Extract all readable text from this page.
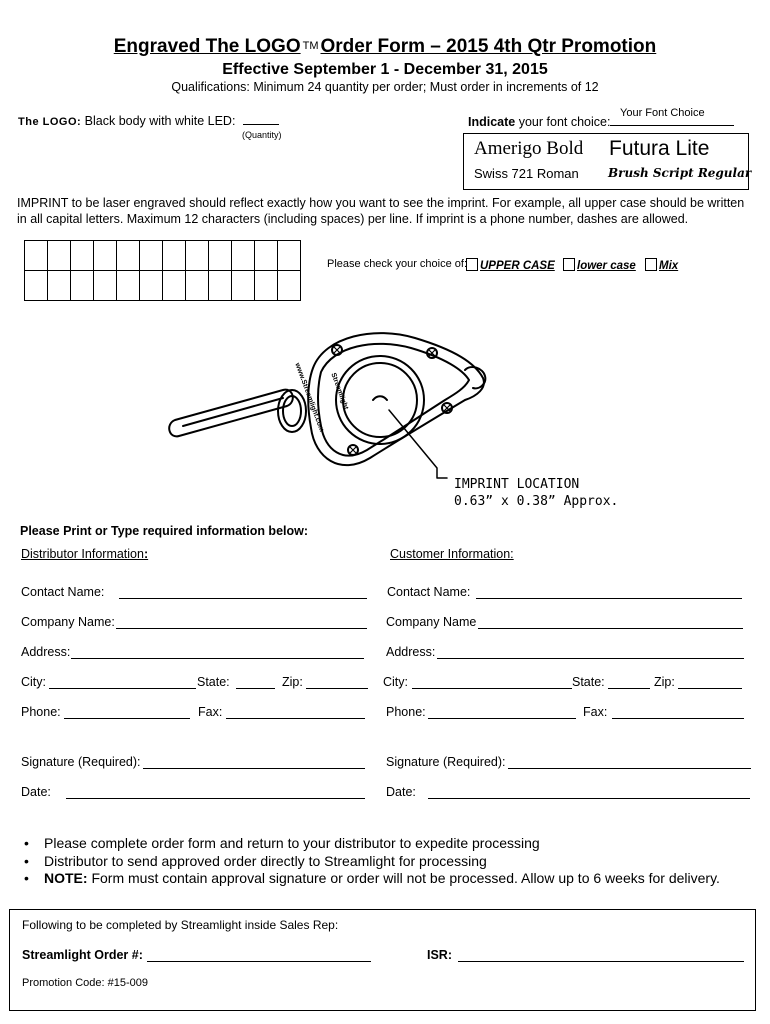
Engraved The LOGO TM Order Form – 2015 4th Qtr Promotion
Effective September 1 - December 31, 2015
Qualifications: Minimum 24 quantity per order; Must order in increments of 12
The LOGO: Black body with white LED:
(Quantity)
Your Font Choice
Indicate your font choice:
Amerigo Bold Futura Lite
Swiss 721 Roman Brush Script Regular
IMPRINT to be laser engraved should reflect exactly how you want to see the imprint. For example, all upper case should be written in all capital letters. Maximum 12 characters (including spaces) per line. If imprint is a phone number, dashes are allowed.

Please check your choice of:	UPPER CASE	lower case	Mix
www.Streamlight.com Streamlight
IMPRINT LOCATION
0.63” x 0.38” Approx.
Please Print or Type required information below:
Distributor Information:	Customer Information:
Contact Name:	Contact Name:
Company Name:	Company Name
Address:	Address:
City:	State:	Zip:	City:	State:	Zip:
Phone:	Fax:	Phone:	Fax:
Signature (Required):	Signature (Required):
Date:	Date:
• Please complete order form and return to your distributor to expedite processing
• Distributor to send approved order directly to Streamlight for processing
• NOTE: Form must contain approval signature or order will not be processed. Allow up to 6 weeks for delivery.
Following to be completed by Streamlight inside Sales Rep:
Streamlight Order #:	ISR:
Promotion Code: #15-009
